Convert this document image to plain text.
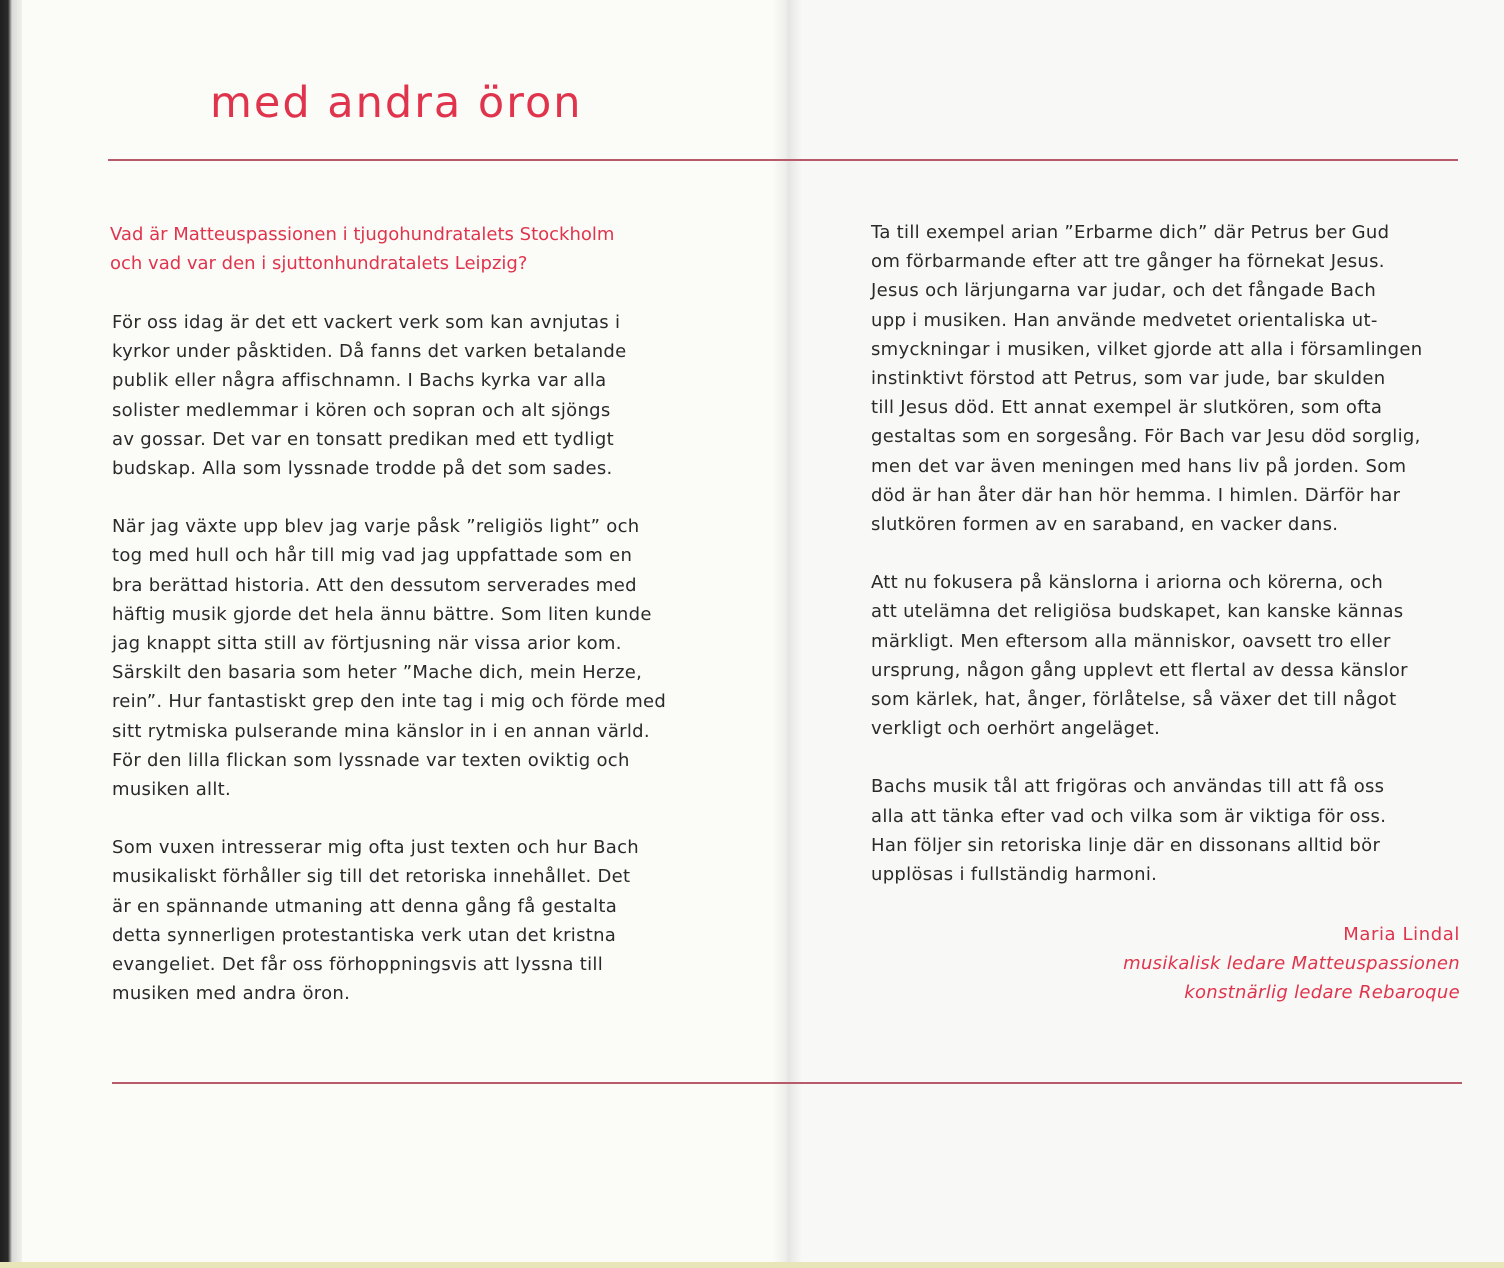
med andra öron
Vad är Matteuspassionen i tjugohundratalets Stockholm
och vad var den i sjuttonhundratalets Leipzig?

För oss idag är det ett vackert verk som kan avnjutas i
kyrkor under påsktiden. Då fanns det varken betalande
publik eller några affischnamn. I Bachs kyrka var alla
solister medlemmar i kören och sopran och alt sjöngs
av gossar. Det var en tonsatt predikan med ett tydligt
budskap. Alla som lyssnade trodde på det som sades.

När jag växte upp blev jag varje påsk ”religiös light” och
tog med hull och hår till mig vad jag uppfattade som en
bra berättad historia. Att den dessutom serverades med
häftig musik gjorde det hela ännu bättre. Som liten kunde
jag knappt sitta still av förtjusning när vissa arior kom.
Särskilt den basaria som heter ”Mache dich, mein Herze,
rein”. Hur fantastiskt grep den inte tag i mig och förde med
sitt rytmiska pulserande mina känslor in i en annan värld.
För den lilla flickan som lyssnade var texten oviktig och
musiken allt.

Som vuxen intresserar mig ofta just texten och hur Bach
musikaliskt förhåller sig till det retoriska innehållet. Det
är en spännande utmaning att denna gång få gestalta
detta synnerligen protestantiska verk utan det kristna
evangeliet. Det får oss förhoppningsvis att lyssna till
musiken med andra öron.

Ta till exempel arian ”Erbarme dich” där Petrus ber Gud
om förbarmande efter att tre gånger ha förnekat Jesus.
Jesus och lärjungarna var judar, och det fångade Bach
upp i musiken. Han använde medvetet orientaliska ut-
smyckningar i musiken, vilket gjorde att alla i församlingen
instinktivt förstod att Petrus, som var jude, bar skulden
till Jesus död. Ett annat exempel är slutkören, som ofta
gestaltas som en sorgesång. För Bach var Jesu död sorglig,
men det var även meningen med hans liv på jorden. Som
död är han åter där han hör hemma. I himlen. Därför har
slutkören formen av en saraband, en vacker dans.

Att nu fokusera på känslorna i ariorna och körerna, och
att utelämna det religiösa budskapet, kan kanske kännas
märkligt. Men eftersom alla människor, oavsett tro eller
ursprung, någon gång upplevt ett flertal av dessa känslor
som kärlek, hat, ånger, förlåtelse, så växer det till något
verkligt och oerhört angeläget.

Bachs musik tål att frigöras och användas till att få oss
alla att tänka efter vad och vilka som är viktiga för oss.
Han följer sin retoriska linje där en dissonans alltid bör
upplösas i fullständig harmoni.

Maria Lindal
musikalisk ledare Matteuspassionen
konstnärlig ledare Rebaroque
